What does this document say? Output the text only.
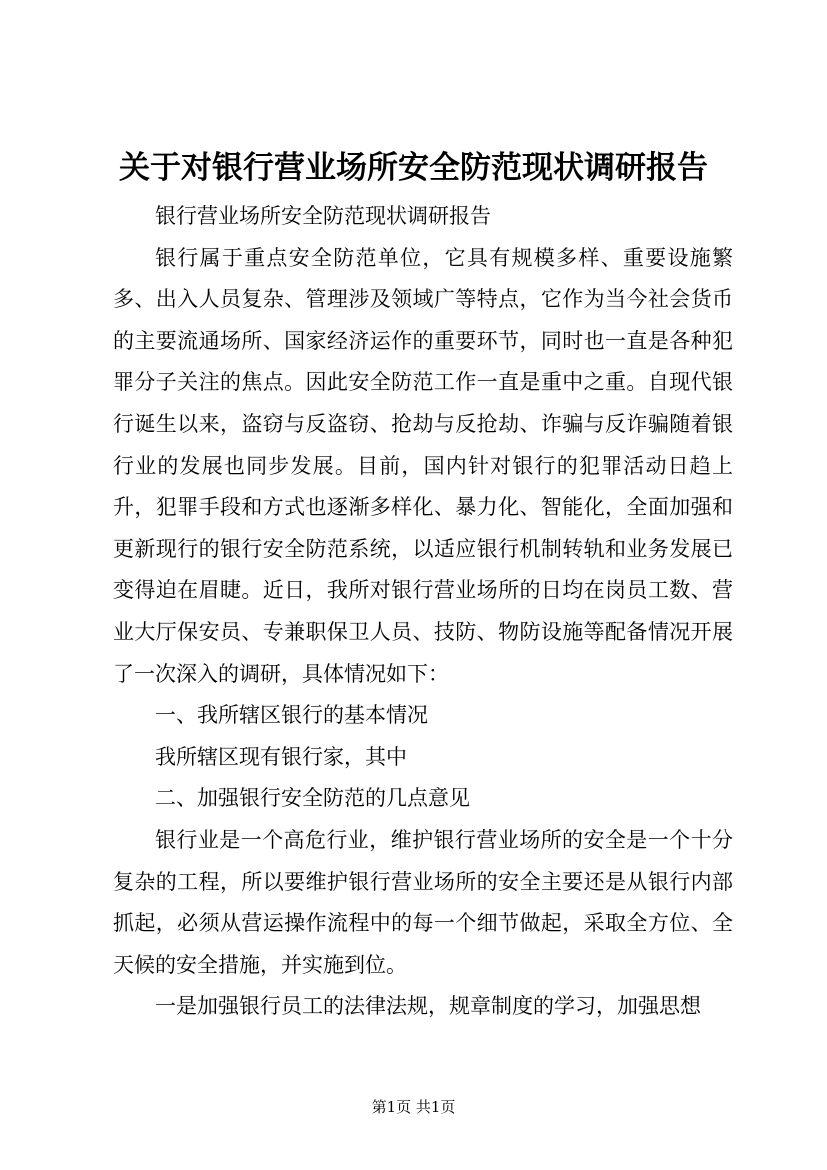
关于对银行营业场所安全防范现状调研报告

银行营业场所安全防范现状调研报告

银行属于重点安全防范单位，它具有规模多样、重要设施繁多、出入人员复杂、管理涉及领域广等特点，它作为当今社会货币的主要流通场所、国家经济运作的重要环节，同时也一直是各种犯罪分子关注的焦点。因此安全防范工作一直是重中之重。自现代银行诞生以来，盗窃与反盗窃、抢劫与反抢劫、诈骗与反诈骗随着银行业的发展也同步发展。目前，国内针对银行的犯罪活动日趋上升，犯罪手段和方式也逐渐多样化、暴力化、智能化，全面加强和更新现行的银行安全防范系统，以适应银行机制转轨和业务发展已变得迫在眉睫。近日，我所对银行营业场所的日均在岗员工数、营业大厅保安员、专兼职保卫人员、技防、物防设施等配备情况开展了一次深入的调研，具体情况如下：

一、我所辖区银行的基本情况

我所辖区现有银行家，其中

二、加强银行安全防范的几点意见

银行业是一个高危行业，维护银行营业场所的安全是一个十分复杂的工程，所以要维护银行营业场所的安全主要还是从银行内部抓起，必须从营运操作流程中的每一个细节做起，采取全方位、全天候的安全措施，并实施到位。

一是加强银行员工的法律法规，规章制度的学习，加强思想

第1页 共1页
